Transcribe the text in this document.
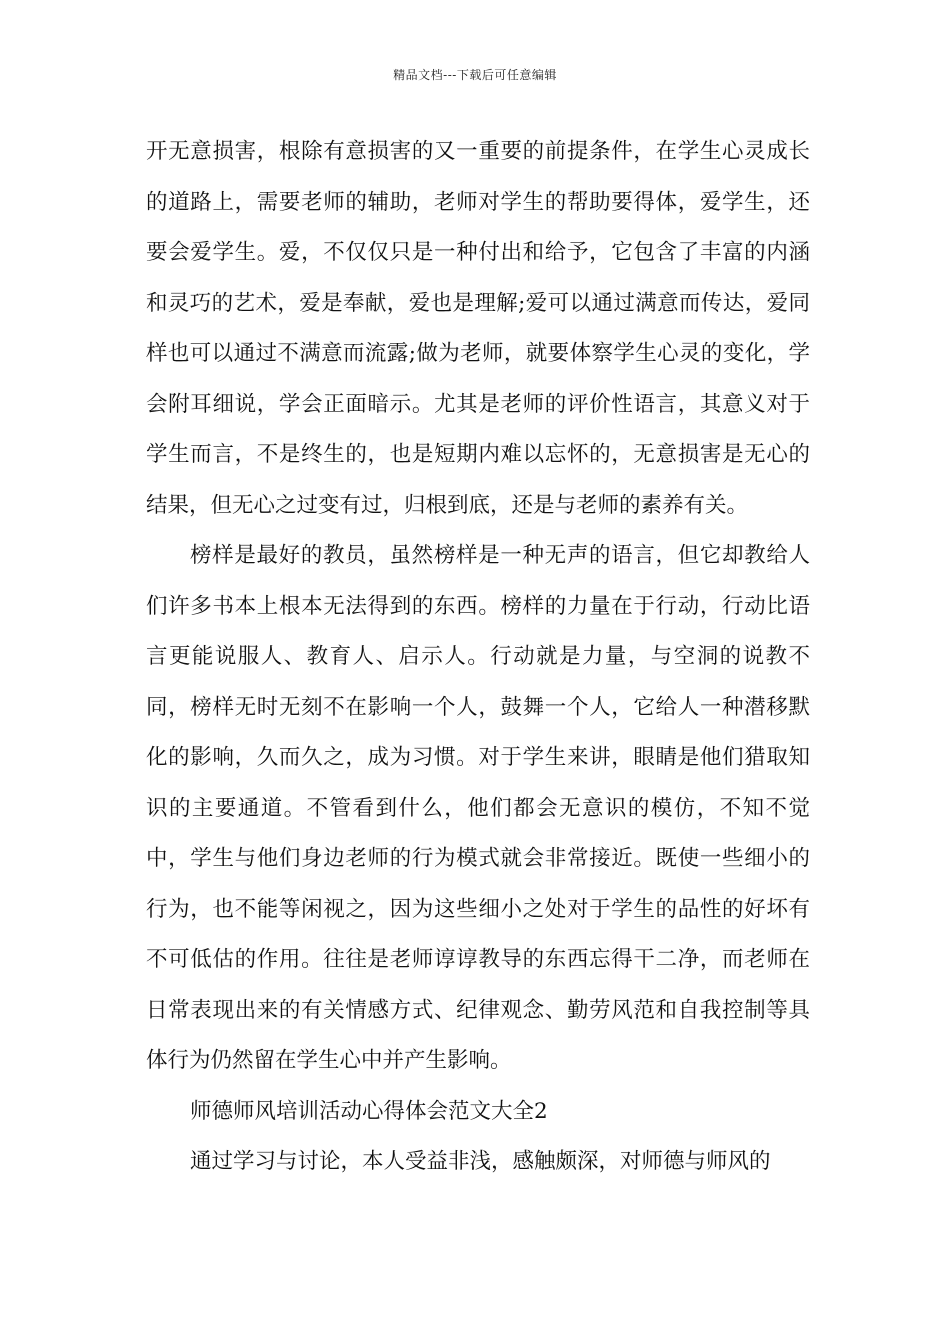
精品文档---下载后可任意编辑

开无意损害，根除有意损害的又一重要的前提条件，在学生心灵成长的道路上，需要老师的辅助，老师对学生的帮助要得体，爱学生，还要会爱学生。爱，不仅仅只是一种付出和给予，它包含了丰富的内涵和灵巧的艺术，爱是奉献，爱也是理解;爱可以通过满意而传达，爱同样也可以通过不满意而流露;做为老师，就要体察学生心灵的变化，学会附耳细说，学会正面暗示。尤其是老师的评价性语言，其意义对于学生而言，不是终生的，也是短期内难以忘怀的，无意损害是无心的结果，但无心之过变有过，归根到底，还是与老师的素养有关。

榜样是最好的教员，虽然榜样是一种无声的语言，但它却教给人们许多书本上根本无法得到的东西。榜样的力量在于行动，行动比语言更能说服人、教育人、启示人。行动就是力量，与空洞的说教不同，榜样无时无刻不在影响一个人，鼓舞一个人，它给人一种潜移默化的影响，久而久之，成为习惯。对于学生来讲，眼睛是他们猎取知识的主要通道。不管看到什么，他们都会无意识的模仿，不知不觉中，学生与他们身边老师的行为模式就会非常接近。既使一些细小的行为，也不能等闲视之，因为这些细小之处对于学生的品性的好坏有不可低估的作用。往往是老师谆谆教导的东西忘得干二净，而老师在日常表现出来的有关情感方式、纪律观念、勤劳风范和自我控制等具体行为仍然留在学生心中并产生影响。

师德师风培训活动心得体会范文大全2

通过学习与讨论，本人受益非浅，感触颇深，对师德与师风的
